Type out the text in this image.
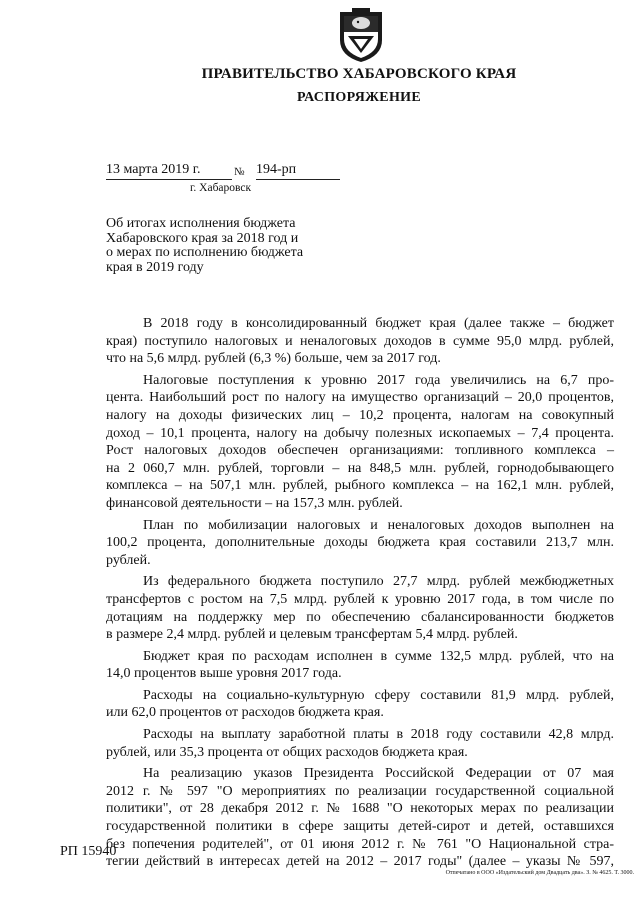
ПРАВИТЕЛЬСТВО ХАБАРОВСКОГО КРАЯ
РАСПОРЯЖЕНИЕ
13 марта 2019 г.	№ 194-рп
г. Хабаровск
Об итогах исполнения бюджета
Хабаровского края за 2018 год и
о мерах по исполнению бюджета
края в 2019 году

В 2018 году в консолидированный бюджет края (далее также – бюджет
края) поступило налоговых и неналоговых доходов в сумме 95,0 млрд. рублей,
что на 5,6 млрд. рублей (6,3 %) больше, чем за 2017 год.

Налоговые поступления к уровню 2017 года увеличились на 6,7 про-
цента. Наибольший рост по налогу на имущество организаций – 20,0 процентов,
налогу на доходы физических лиц – 10,2 процента, налогам на совокупный
доход – 10,1 процента, налогу на добычу полезных ископаемых – 7,4 процента.
Рост налоговых доходов обеспечен организациями: топливного комплекса –
на 2 060,7 млн. рублей, торговли – на 848,5 млн. рублей, горнодобывающего
комплекса – на 507,1 млн. рублей, рыбного комплекса – на 162,1 млн. рублей,
финансовой деятельности – на 157,3 млн. рублей.

План по мобилизации налоговых и неналоговых доходов выполнен на
100,2 процента, дополнительные доходы бюджета края составили 213,7 млн.
рублей.

Из федерального бюджета поступило 27,7 млрд. рублей межбюджетных
трансфертов с ростом на 7,5 млрд. рублей к уровню 2017 года, в том числе по
дотациям на поддержку мер по обеспечению сбалансированности бюджетов
в размере 2,4 млрд. рублей и целевым трансфертам 5,4 млрд. рублей.

Бюджет края по расходам исполнен в сумме 132,5 млрд. рублей, что на
14,0 процентов выше уровня 2017 года.

Расходы на социально-культурную сферу составили 81,9 млрд. рублей,
или 62,0 процентов от расходов бюджета края.

Расходы на выплату заработной платы в 2018 году составили 42,8 млрд.
рублей, или 35,3 процента от общих расходов бюджета края.

На реализацию указов Президента Российской Федерации от 07 мая
2012 г. № 597 "О мероприятиях по реализации государственной социальной
политики", от 28 декабря 2012 г. № 1688 "О некоторых мерах по реализации
государственной политики в сфере защиты детей-сирот и детей, оставшихся
без попечения родителей", от 01 июня 2012 г. № 761 "О Национальной стра-
тегии действий в интересах детей на 2012 – 2017 годы" (далее – указы № 597,

РП 15940
Отпечатано в ООО «Издательский дом Двадцать два». З. № 4625. Т. 3000.
